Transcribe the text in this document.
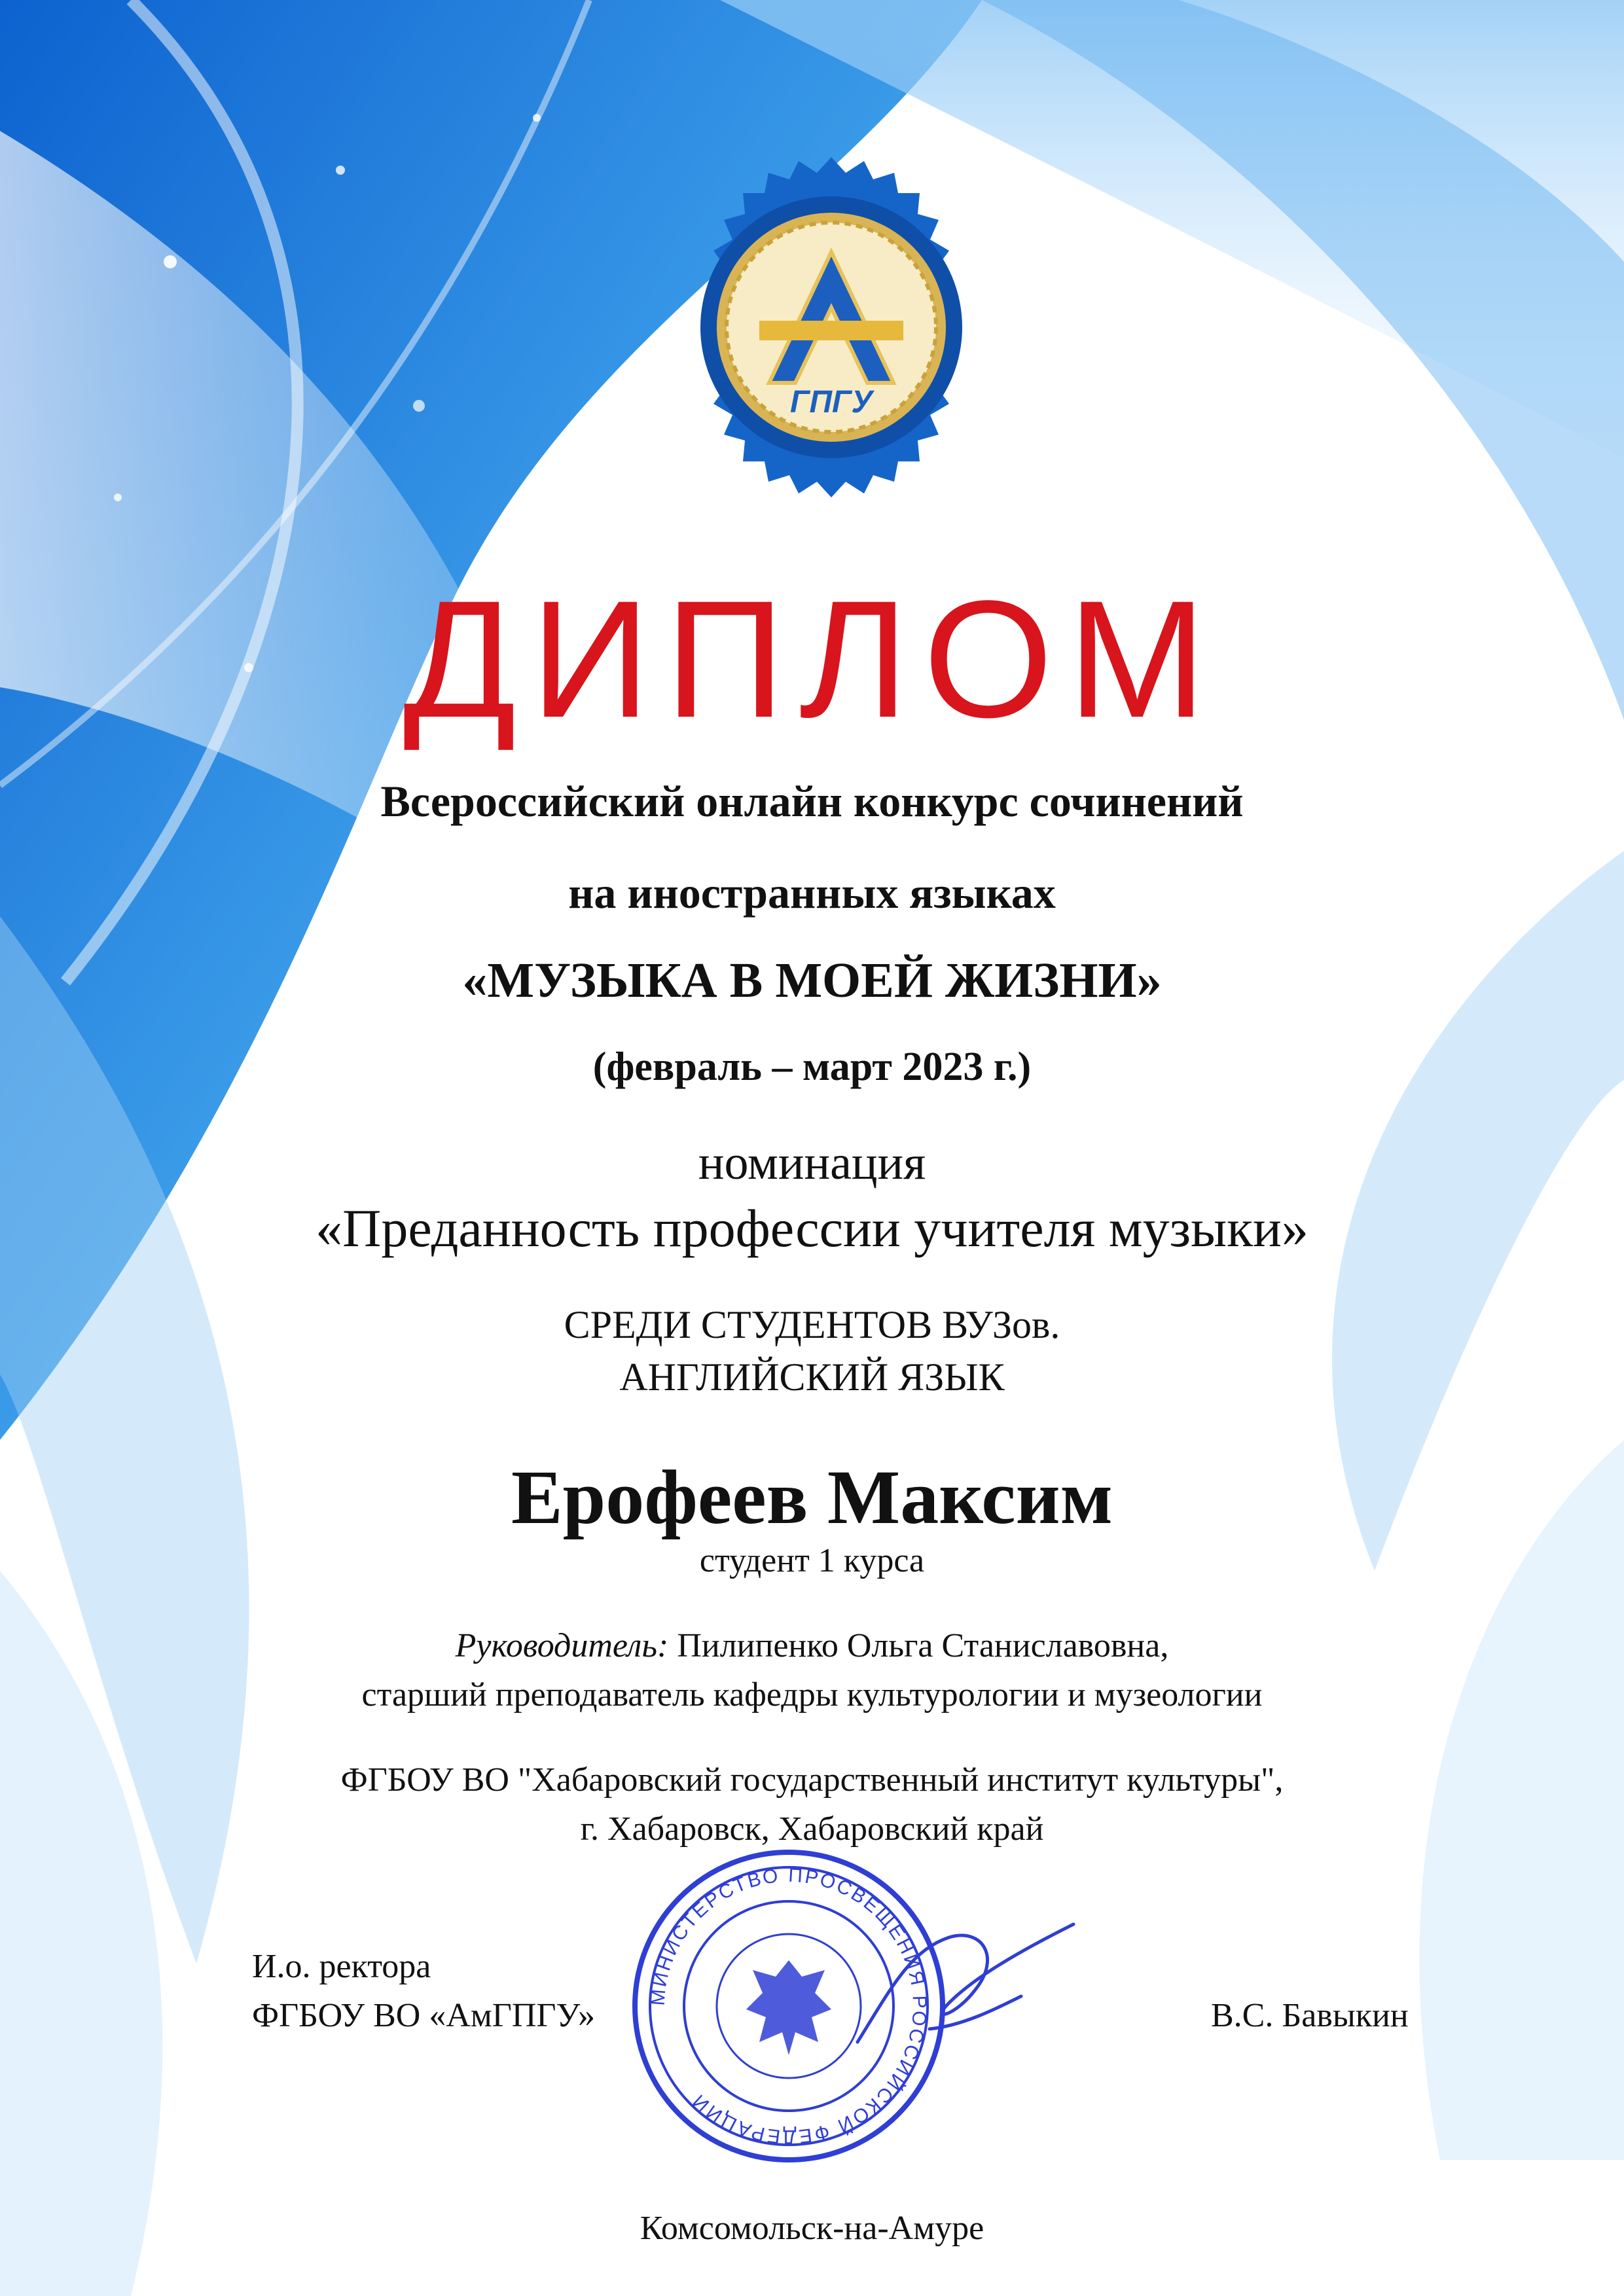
ГПГУ
ДИПЛОМ
Всероссийский онлайн конкурс сочинений
на иностранных языках
«МУЗЫКА В МОЕЙ ЖИЗНИ»
(февраль – март 2023 г.)
номинация
«Преданность профессии учителя музыки»
СРЕДИ СТУДЕНТОВ ВУЗов.
АНГЛИЙСКИЙ ЯЗЫК
Ерофеев Максим
студент 1 курса
Руководитель: Пилипенко Ольга Станиславовна,
старший преподаватель кафедры культурологии и музеологии
ФГБОУ ВО "Хабаровский государственный институт культуры",
г. Хабаровск, Хабаровский край
И.о. ректора
ФГБОУ ВО «АмГПГУ»	В.С. Бавыкин
МИНИСТЕРСТВО ПРОСВЕЩЕНИЯ РОССИЙСКОЙ ФЕДЕРАЦИИ
Комсомольск-на-Амуре
